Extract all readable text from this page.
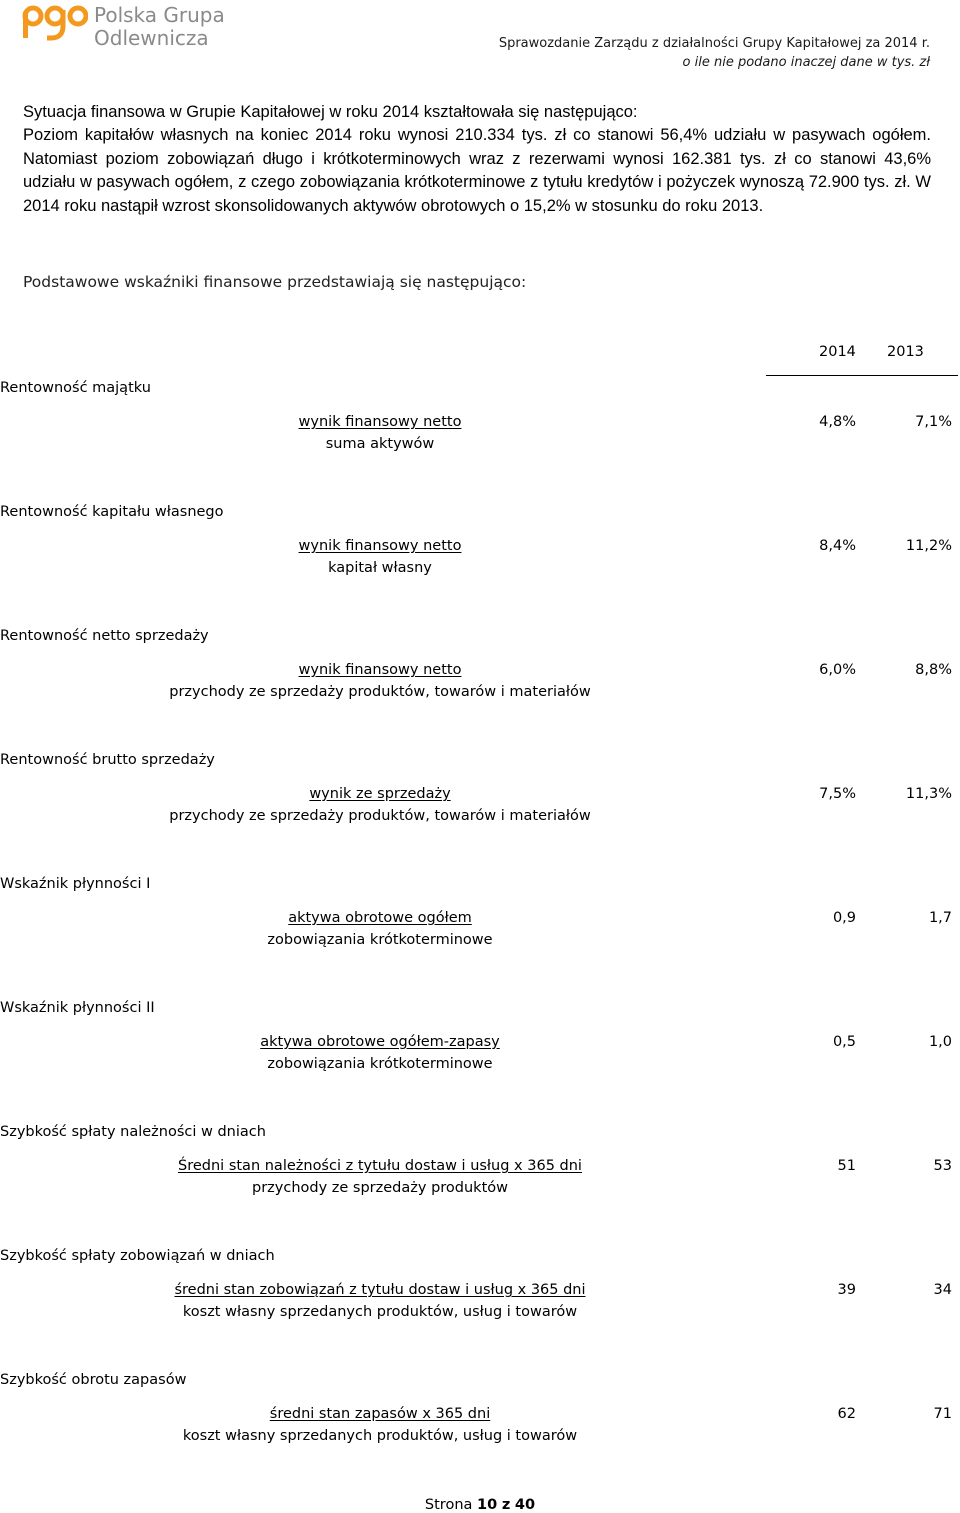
Polska Grupa
Odlewnicza	Sprawozdanie Zarządu z działalności Grupy Kapitałowej za 2014 r.
o ile nie podano inaczej dane w tys. zł
Sytuacja finansowa w Grupie Kapitałowej w roku 2014 kształtowała się następująco:
Poziom kapitałów własnych na koniec 2014 roku wynosi 210.334 tys. zł co stanowi 56,4% udziału w pasywach ogółem. Natomiast poziom zobowiązań długo i krótkoterminowych wraz z rezerwami wynosi 162.381 tys. zł co stanowi 43,6% udziału w pasywach ogółem, z czego zobowiązania krótkoterminowe z tytułu kredytów i pożyczek wynoszą 72.900 tys. zł. W 2014 roku nastąpił wzrost skonsolidowanych aktywów obrotowych o 15,2% w stosunku do roku 2013.
Podstawowe wskaźniki finansowe przedstawiają się następująco:
2014 2013
Rentowność majątku
wynik finansowy netto
suma aktywów
4,8%	7,1%
Rentowność kapitału własnego
wynik finansowy netto
kapitał własny
8,4%	11,2%
Rentowność netto sprzedaży
wynik finansowy netto
przychody ze sprzedaży produktów, towarów i materiałów
6,0%	8,8%
Rentowność brutto sprzedaży
wynik ze sprzedaży
przychody ze sprzedaży produktów, towarów i materiałów
7,5%	11,3%
Wskaźnik płynności I
aktywa obrotowe ogółem
zobowiązania krótkoterminowe
0,9	1,7
Wskaźnik płynności II
aktywa obrotowe ogółem-zapasy
zobowiązania krótkoterminowe
0,5	1,0
Szybkość spłaty należności w dniach
Średni stan należności z tytułu dostaw i usług x 365 dni
przychody ze sprzedaży produktów
51	53
Szybkość spłaty zobowiązań w dniach
średni stan zobowiązań z tytułu dostaw i usług x 365 dni
koszt własny sprzedanych produktów, usług i towarów
39	34
Szybkość obrotu zapasów
średni stan zapasów x 365 dni
koszt własny sprzedanych produktów, usług i towarów
62	71
Strona 10 z 40
